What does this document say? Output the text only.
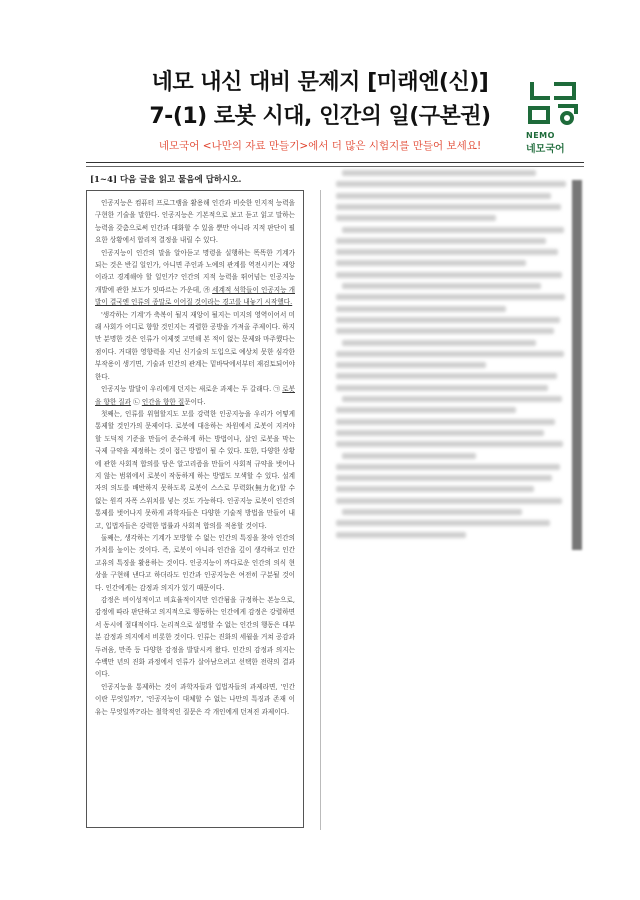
네모 내신 대비 문제지 [미래엔(신)]
7-(1) 로봇 시대, 인간의 일(구본권)
네모국어 <나만의 자료 만들기>에서 더 많은 시험지를 만들어 보세요!
NEMO
네모국어
[1~4] 다음 글을 읽고 물음에 답하시오.

인공지능은 컴퓨터 프로그램을 활용해 인간과 비슷한 인지적 능력을 구현한 기술을 말한다. 인공지능은 기본적으로 보고 듣고 읽고 말하는 능력을 갖춤으로써 인간과 대화할 수 있을 뿐만 아니라 지적 판단이 필요한 상황에서 합리적 결정을 내릴 수 있다.

인공지능이 인간의 말을 알아듣고 명령을 실행하는 똑똑한 기계가 되는 것은 반길 일인가, 아니면 주인과 노예의 관계를 역전시키는 재앙이라고 경계해야 할 일인가? 인간의 지적 능력을 뛰어넘는 인공지능 개발에 관한 보도가 잇따르는 가운데, ㉮ 세계적 석학들이 인공지능 개발이 결국엔 인류의 종말로 이어질 것이라는 경고를 내놓기 시작했다.

'생각하는 기계'가 축복이 될지 재앙이 될지는 미지의 영역이어서 미래 사회가 어디로 향할 것인지는 격렬한 공방을 가져올 주제이다. 하지만 분명한 것은 인류가 이제껏 고민해 본 적이 없는 문제와 마주했다는 점이다. 거대한 영향력을 지닌 신기술의 도입으로 예상치 못한 심각한 부작용이 생기면, 기술과 인간의 관계는 밑바닥에서부터 재검토되어야 한다.

인공지능 발달이 우리에게 던지는 새로운 과제는 두 갈래다. ㉠ 로봇을 향한 질과 ㉡ 인간을 향한 질문이다.

첫째는, 인류를 위협할지도 모를 강력한 인공지능을 우리가 어떻게 통제할 것인가의 문제이다. 로봇에 대응하는 차원에서 로봇이 지켜야 할 도덕적 기준을 만들어 준수하게 하는 방법이나, 살인 로봇을 막는 국제 규약을 제정하는 것이 접근 방법이 될 수 있다. 또한, 다양한 상황에 관한 사회적 합의를 담은 알고리즘을 만들어 사회적 규약을 벗어나지 않는 범위에서 로봇이 작동하게 하는 방법도 모색할 수 있다. 설계자의 의도를 배반하지 못하도록 로봇이 스스로 무력화(無力化)할 수 없는 원격 자폭 스위치를 넣는 것도 가능하다. 인공지능 로봇이 인간의 통제를 벗어나지 못하게 과학자들은 다양한 기술적 방법을 만들어 내고, 입법자들은 강력한 법률과 사회적 합의를 적용할 것이다.

둘째는, 생각하는 기계가 모방할 수 없는 인간의 특징을 찾아 인간의 가치를 높이는 것이다. 즉, 로봇이 아니라 인간을 깊이 생각하고 인간 고유의 특징을 활용하는 것이다. 인공지능이 까다로운 인간의 의식 현상을 구현해 낸다고 하더라도 인간과 인공지능은 여전히 구분될 것이다. 인간에게는 감정과 의지가 있기 때문이다.

감정은 비이성적이고 비효율적이지만 인간됨을 규정하는 본능으로, 감정에 따라 판단하고 의지적으로 행동하는 인간에게 감정은 강렬하면서 동시에 절대적이다. 논리적으로 설명할 수 없는 인간의 행동은 대부분 감정과 의지에서 비롯한 것이다. 인류는 진화의 세월을 거쳐 공감과 두려움, 만족 등 다양한 감정을 발달시켜 왔다. 인간의 감정과 의지는 수백만 년의 진화 과정에서 인류가 살아남으려고 선택한 전략의 결과이다.

인공지능을 통제하는 것이 과학자들과 입법자들의 과제라면, '인간이란 무엇일까?', '인공지능이 대체할 수 없는 나만의 특징과 존재 이유는 무엇일까?'라는 철학적인 질문은 각 개인에게 던져진 과제이다.
